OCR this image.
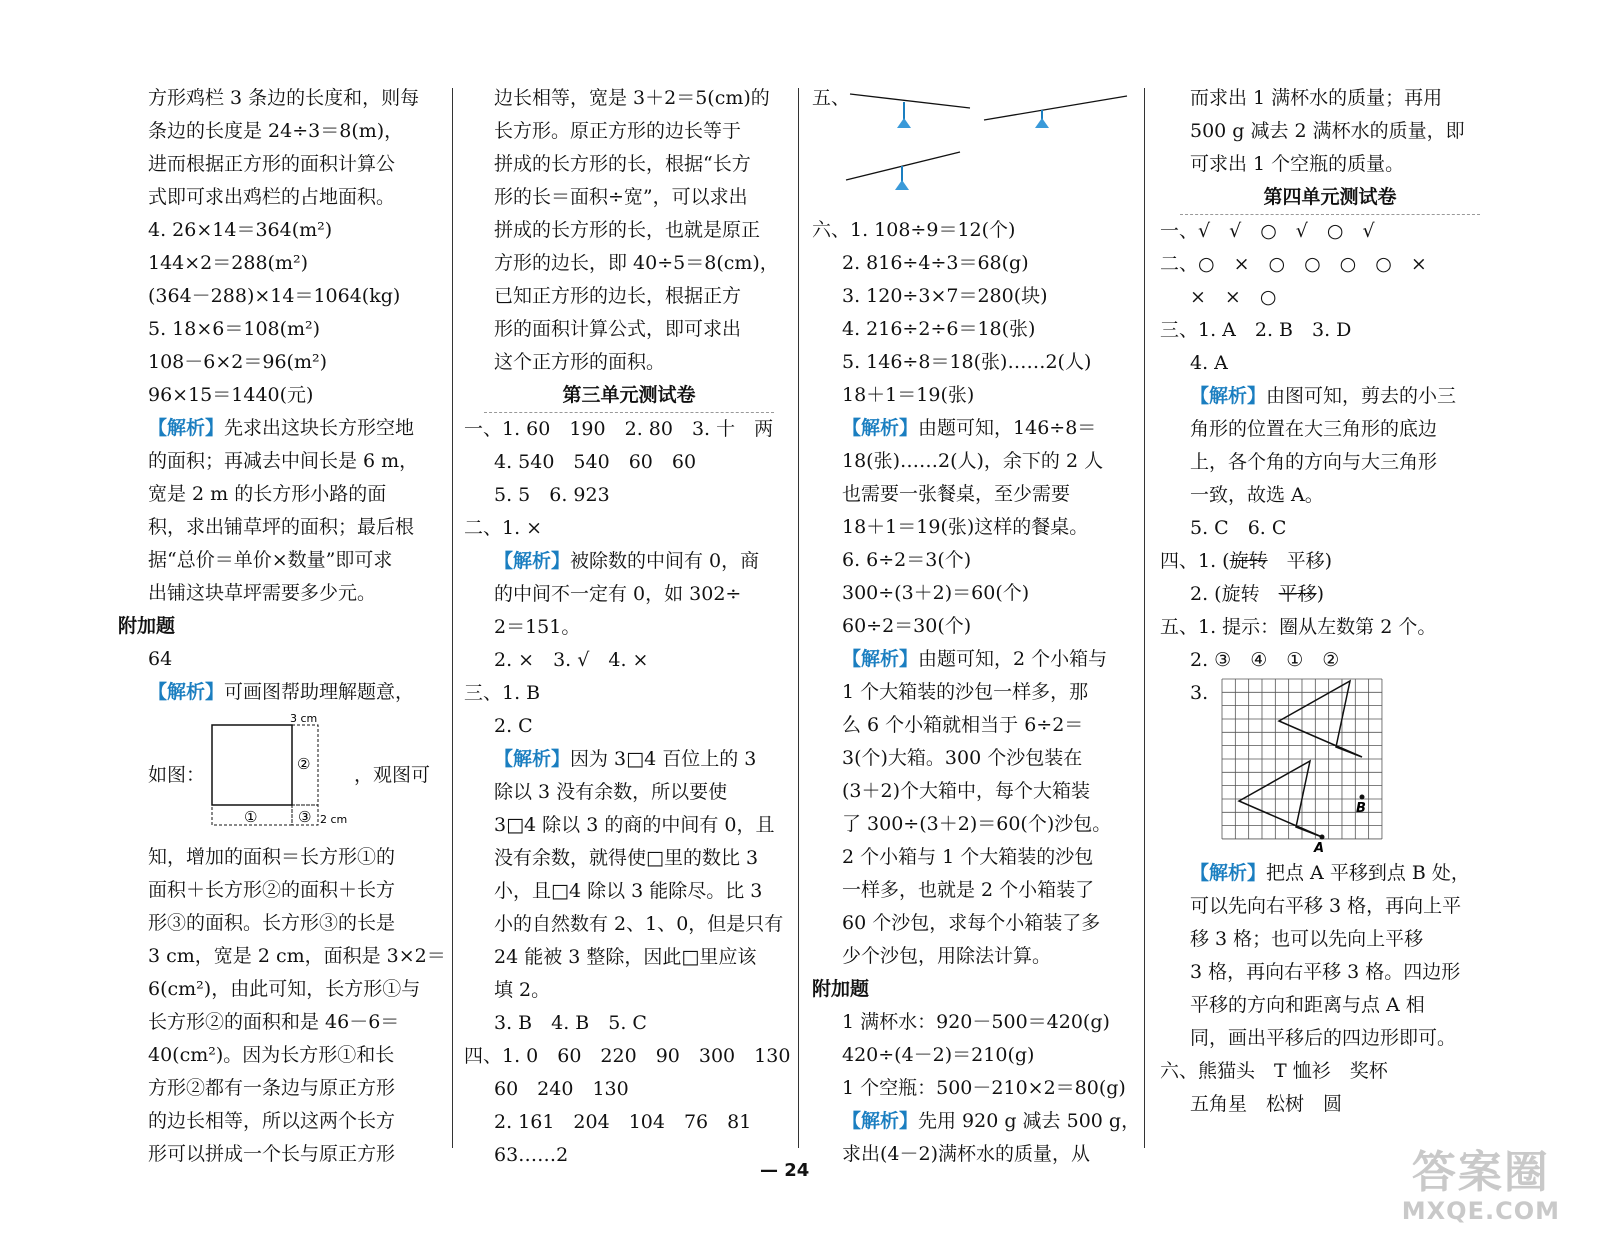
方形鸡栏 3 条边的长度和，则每
条边的长度是 24÷3＝8(m)，
进而根据正方形的面积计算公
式即可求出鸡栏的占地面积。
4. 26×14＝364(m²)
144×2＝288(m²)
(364－288)×14＝1064(kg)
5. 18×6＝108(m²)
108－6×2＝96(m²)
96×15＝1440(元)
【解析】先求出这块长方形空地
的面积；再减去中间长是 6 m，
宽是 2 m 的长方形小路的面
积，求出铺草坪的面积；最后根
据“总价＝单价×数量”即可求
出铺这块草坪需要多少元。
附加题
64
【解析】可画图帮助理解题意，
如图：
3 cm
2 cm
②
①	③
，观图可
知，增加的面积＝长方形①的
面积＋长方形②的面积＋长方
形③的面积。长方形③的长是
3 cm，宽是 2 cm，面积是 3×2＝
6(cm²)，由此可知，长方形①与
长方形②的面积和是 46－6＝
40(cm²)。因为长方形①和长
方形②都有一条边与原正方形
的边长相等，所以这两个长方
形可以拼成一个长与原正方形
边长相等，宽是 3＋2＝5(cm)的
长方形。原正方形的边长等于
拼成的长方形的长，根据“长方
形的长＝面积÷宽”，可以求出
拼成的长方形的长，也就是原正
方形的边长，即 40÷5＝8(cm)，
已知正方形的边长，根据正方
形的面积计算公式，即可求出
这个正方形的面积。
第三单元测试卷
一、1. 60　190　2. 80　3. 十　两
4. 540　540　60　60
5. 5　6. 923
二、1. ×
【解析】被除数的中间有 0，商
的中间不一定有 0，如 302÷
2＝151。
2. ×　3. √　4. ×
三、1. B
2. C
【解析】因为 3□4 百位上的 3
除以 3 没有余数，所以要使
3□4 除以 3 的商的中间有 0，且
没有余数，就得使□里的数比 3
小，且□4 除以 3 能除尽。比 3
小的自然数有 2、1、0，但是只有
24 能被 3 整除，因此□里应该
填 2。
3. B　4. B　5. C
四、1. 0　60　220　90　300　130
60　240　130
2. 161　204　104　76　81
63……2
五、
六、1. 108÷9＝12(个)
2. 816÷4÷3＝68(g)
3. 120÷3×7＝280(块)
4. 216÷2÷6＝18(张)
5. 146÷8＝18(张)……2(人)
18＋1＝19(张)
【解析】由题可知，146÷8＝
18(张)……2(人)，余下的 2 人
也需要一张餐桌，至少需要
18＋1＝19(张)这样的餐桌。
6. 6÷2＝3(个)
300÷(3＋2)＝60(个)
60÷2＝30(个)
【解析】由题可知，2 个小箱与
1 个大箱装的沙包一样多，那
么 6 个小箱就相当于 6÷2＝
3(个)大箱。300 个沙包装在
(3＋2)个大箱中，每个大箱装
了 300÷(3＋2)＝60(个)沙包。
2 个小箱与 1 个大箱装的沙包
一样多，也就是 2 个小箱装了
60 个沙包，求每个小箱装了多
少个沙包，用除法计算。
附加题
1 满杯水：920－500＝420(g)
420÷(4－2)＝210(g)
1 个空瓶：500－210×2＝80(g)
【解析】先用 920 g 减去 500 g，
求出(4－2)满杯水的质量，从
而求出 1 满杯水的质量；再用
500 g 减去 2 满杯水的质量，即
可求出 1 个空瓶的质量。
第四单元测试卷
一、√　√　○　√　○　√
二、○　×　○　○　○　○　×
×　×　○
三、1. A　2. B　3. D
4. A
【解析】由图可知，剪去的小三
角形的位置在大三角形的底边
上，各个角的方向与大三角形
一致，故选 A。
5. C　6. C
四、1. (旋转　平移)
2. (旋转　平移)
五、1. 提示：圈从左数第 2 个。
2. ③　④　①　②
3.
A
B
【解析】把点 A 平移到点 B 处，
可以先向右平移 3 格，再向上平
移 3 格；也可以先向上平移
3 格，再向右平移 3 格。四边形
平移的方向和距离与点 A 相
同，画出平移后的四边形即可。
六、熊猫头　T 恤衫　奖杯
五角星　松树　圆
— 24	答案圈
MXQE.COM
